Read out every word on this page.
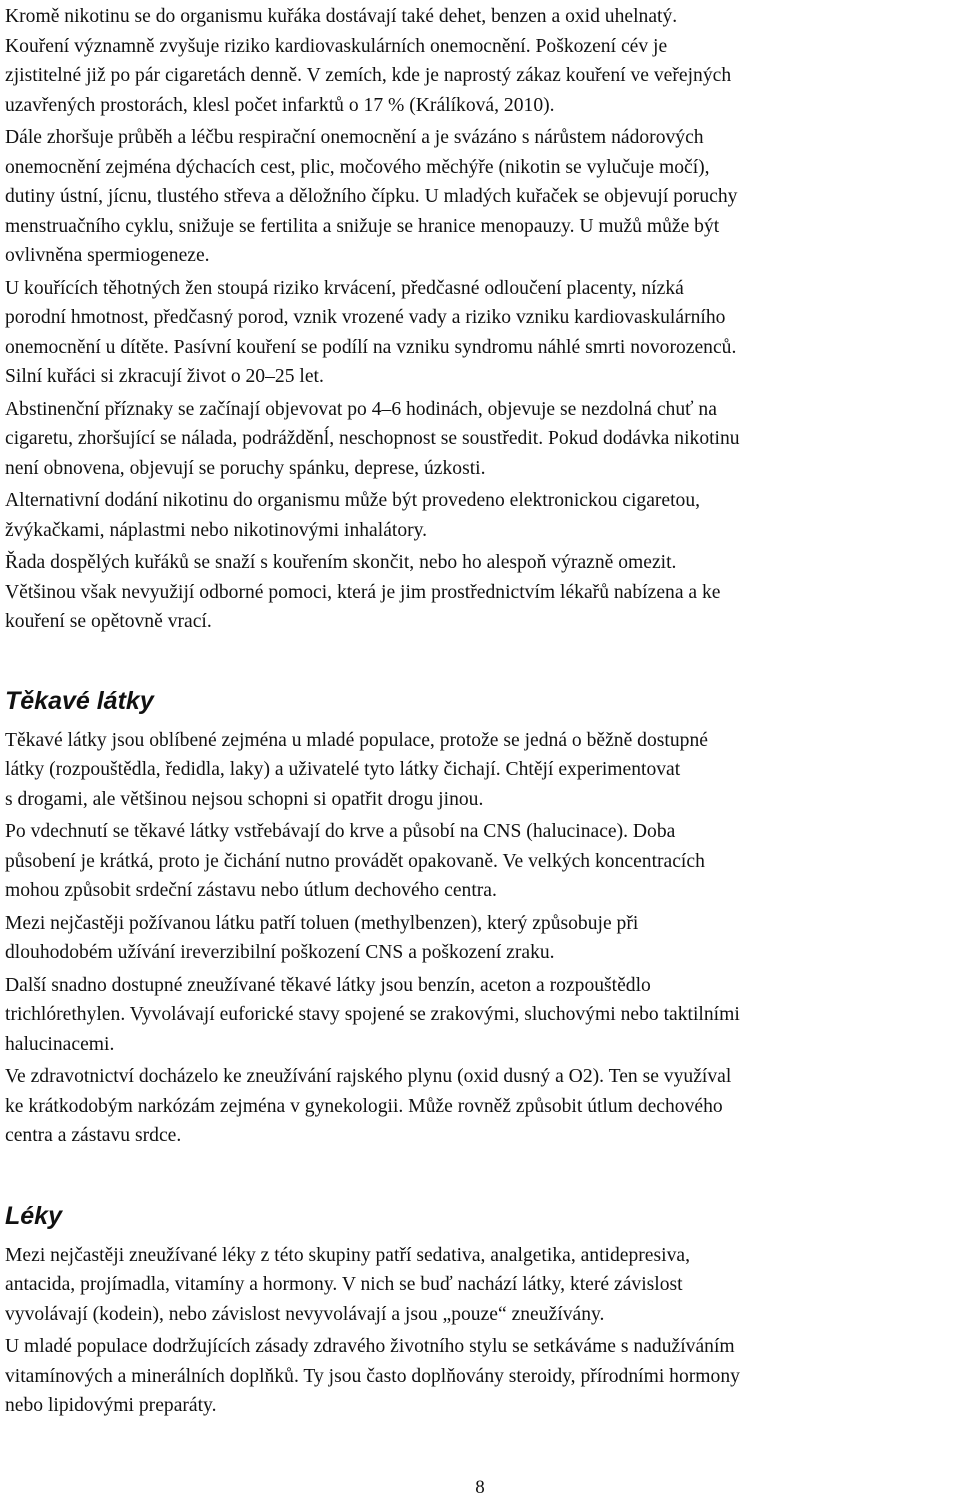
Kromě nikotinu se do organismu kuřáka dostávají také dehet, benzen a oxid uhelnatý.
Kouření významně zvyšuje riziko kardiovaskulárních onemocnění. Poškození cév je
zjistitelné již po pár cigaretách denně. V zemích, kde je naprostý zákaz kouření ve veřejných
uzavřených prostorách, klesl počet infarktů o 17 % (Králíková, 2010).

Dále zhoršuje průběh a léčbu respirační onemocnění a je svázáno s nárůstem nádorových
onemocnění zejména dýchacích cest, plic, močového měchýře (nikotin se vylučuje močí),
dutiny ústní, jícnu, tlustého střeva a děložního čípku. U mladých kuřaček se objevují poruchy
menstruačního cyklu, snižuje se fertilita a snižuje se hranice menopauzy. U mužů může být
ovlivněna spermiogeneze.

U kouřících těhotných žen stoupá riziko krvácení, předčasné odloučení placenty, nízká
porodní hmotnost, předčasný porod, vznik vrozené vady a riziko vzniku kardiovaskulárního
onemocnění u dítěte. Pasívní kouření se podílí na vzniku syndromu náhlé smrti novorozenců.
Silní kuřáci si zkracují život o 20–25 let.

Abstinenční příznaky se začínají objevovat po 4–6 hodinách, objevuje se nezdolná chuť na
cigaretu, zhoršující se nálada, podrážděnĺ, neschopnost se soustředit. Pokud dodávka nikotinu
není obnovena, objevují se poruchy spánku, deprese, úzkosti.

Alternativní dodání nikotinu do organismu může být provedeno elektronickou cigaretou,
žvýkačkami, náplastmi nebo nikotinovými inhalátory.

Řada dospělých kuřáků se snaží s kouřením skončit, nebo ho alespoň výrazně omezit.
Většinou však nevyužijí odborné pomoci, která je jim prostřednictvím lékařů nabízena a ke
kouření se opětovně vrací.

Těkavé látky

Těkavé látky jsou oblíbené zejména u mladé populace, protože se jedná o běžně dostupné
látky (rozpouštědla, ředidla, laky) a uživatelé tyto látky čichají. Chtějí experimentovat
s drogami, ale většinou nejsou schopni si opatřit drogu jinou.

Po vdechnutí se těkavé látky vstřebávají do krve a působí na CNS (halucinace). Doba
působení je krátká, proto je čichání nutno provádět opakovaně. Ve velkých koncentracích
mohou způsobit srdeční zástavu nebo útlum dechového centra.

Mezi nejčastěji požívanou látku patří toluen (methylbenzen), který způsobuje při
dlouhodobém užívání ireverzibilní poškození CNS a poškození zraku.

Další snadno dostupné zneužívané těkavé látky jsou benzín, aceton a rozpouštědlo
trichlórethylen. Vyvolávají euforické stavy spojené se zrakovými, sluchovými nebo taktilními
halucinacemi.

Ve zdravotnictví docházelo ke zneužívání rajského plynu (oxid dusný a O2). Ten se využíval
ke krátkodobým narkózám zejména v gynekologii. Může rovněž způsobit útlum dechového
centra a zástavu srdce.

Léky

Mezi nejčastěji zneužívané léky z této skupiny patří sedativa, analgetika, antidepresiva,
antacida, projímadla, vitamíny a hormony. V nich se buď nachází látky, které závislost
vyvolávají (kodein), nebo závislost nevyvolávají a jsou „pouze“ zneužívány.

U mladé populace dodržujících zásady zdravého životního stylu se setkáváme s nadužíváním
vitamínových a minerálních doplňků. Ty jsou často doplňovány steroidy, přírodními hormony
nebo lipidovými preparáty.

8
